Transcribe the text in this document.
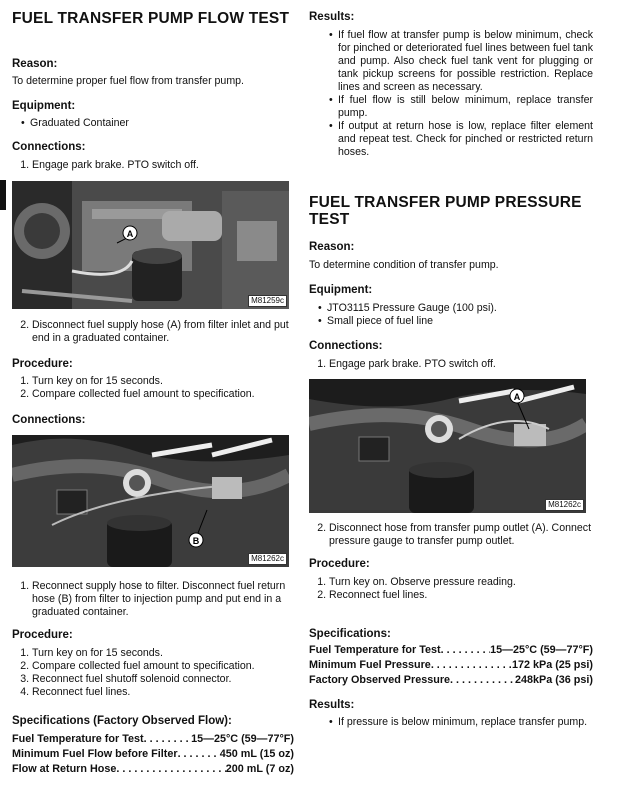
FUEL TRANSFER PUMP FLOW TEST
Reason:

To determine proper fuel flow from transfer pump.

Equipment:
• Graduated Container
Connections:
1. Engage park brake. PTO switch off.
A
M81259c
2. Disconnect fuel supply hose (A) from filter inlet and put end in a graduated container.
Procedure:
1. Turn key on for 15 seconds.
2. Compare collected fuel amount to specification.
Connections:
B
M81262c
1. Reconnect supply hose to filter. Disconnect fuel return hose (B) from filter to injection pump and put end in a graduated container.
Procedure:
1. Turn key on for 15 seconds.
2. Compare collected fuel amount to specification.
3. Reconnect fuel shutoff solenoid connector.
4. Reconnect fuel lines.
Specifications (Factory Observed Flow):
Fuel Temperature for Test . . .	15—25°C (59—77°F)
Minimum Fuel Flow before Filter . . .	450 mL (15 oz)
Flow at Return Hose . . .	200 mL (7 oz)
Results:
• If fuel flow at transfer pump is below minimum, check for pinched or deteriorated fuel lines between fuel tank and pump. Also check fuel tank vent for plugging or tank pickup screens for possible restriction. Replace lines and screen as necessary.
• If fuel flow is still below minimum, replace transfer pump.
• If output at return hose is low, replace filter element and repeat test. Check for pinched or restricted return hoses.
FUEL TRANSFER PUMP PRESSURE TEST
Reason:

To determine condition of transfer pump.

Equipment:
• JTO3115 Pressure Gauge (100 psi).
• Small piece of fuel line
Connections:
1. Engage park brake. PTO switch off.
A
M81262c
2. Disconnect hose from transfer pump outlet (A). Connect pressure gauge to transfer pump outlet.
Procedure:
1. Turn key on. Observe pressure reading.
2. Reconnect fuel lines.
Specifications:
Fuel Temperature for Test . . .	15—25°C (59—77°F)
Minimum Fuel Pressure . . .	172 kPa (25 psi)
Factory Observed Pressure . . .	248kPa (36 psi)
Results:
• If pressure is below minimum, replace transfer pump.
